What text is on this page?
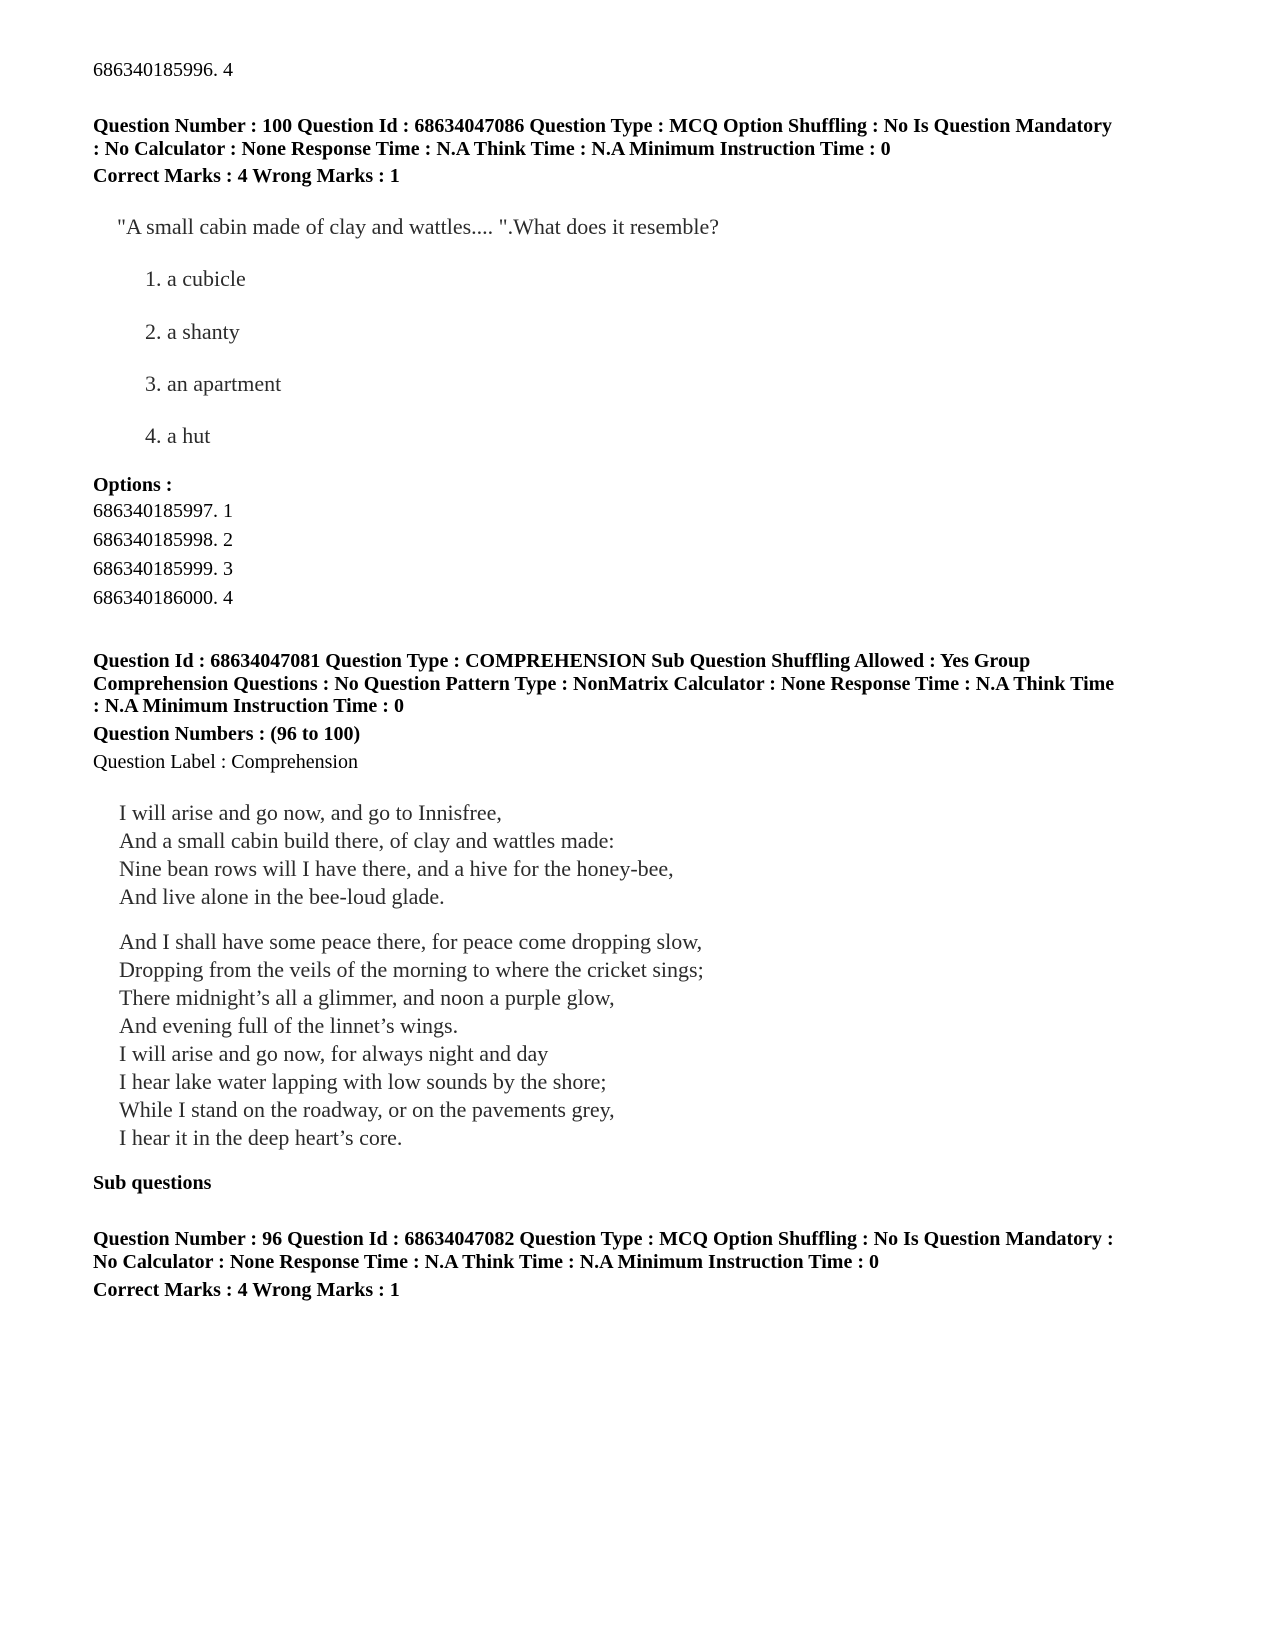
686340185996. 4
Question Number : 100 Question Id : 68634047086 Question Type : MCQ Option Shuffling : No Is Question Mandatory
: No Calculator : None Response Time : N.A Think Time : N.A Minimum Instruction Time : 0
Correct Marks : 4 Wrong Marks : 1
"A small cabin made of clay and wattles.... ".What does it resemble?
1. a cubicle
2. a shanty
3. an apartment
4. a hut
Options :
686340185997. 1
686340185998. 2
686340185999. 3
686340186000. 4
Question Id : 68634047081 Question Type : COMPREHENSION Sub Question Shuffling Allowed : Yes Group
Comprehension Questions : No Question Pattern Type : NonMatrix Calculator : None Response Time : N.A Think Time
: N.A Minimum Instruction Time : 0
Question Numbers : (96 to 100)
Question Label : Comprehension
I will arise and go now, and go to Innisfree,
And a small cabin build there, of clay and wattles made:
Nine bean rows will I have there, and a hive for the honey-bee,
And live alone in the bee-loud glade.
And I shall have some peace there, for peace come dropping slow,
Dropping from the veils of the morning to where the cricket sings;
There midnight’s all a glimmer, and noon a purple glow,
And evening full of the linnet’s wings.
I will arise and go now, for always night and day
I hear lake water lapping with low sounds by the shore;
While I stand on the roadway, or on the pavements grey,
I hear it in the deep heart’s core.
Sub questions
Question Number : 96 Question Id : 68634047082 Question Type : MCQ Option Shuffling : No Is Question Mandatory :
No Calculator : None Response Time : N.A Think Time : N.A Minimum Instruction Time : 0
Correct Marks : 4 Wrong Marks : 1
